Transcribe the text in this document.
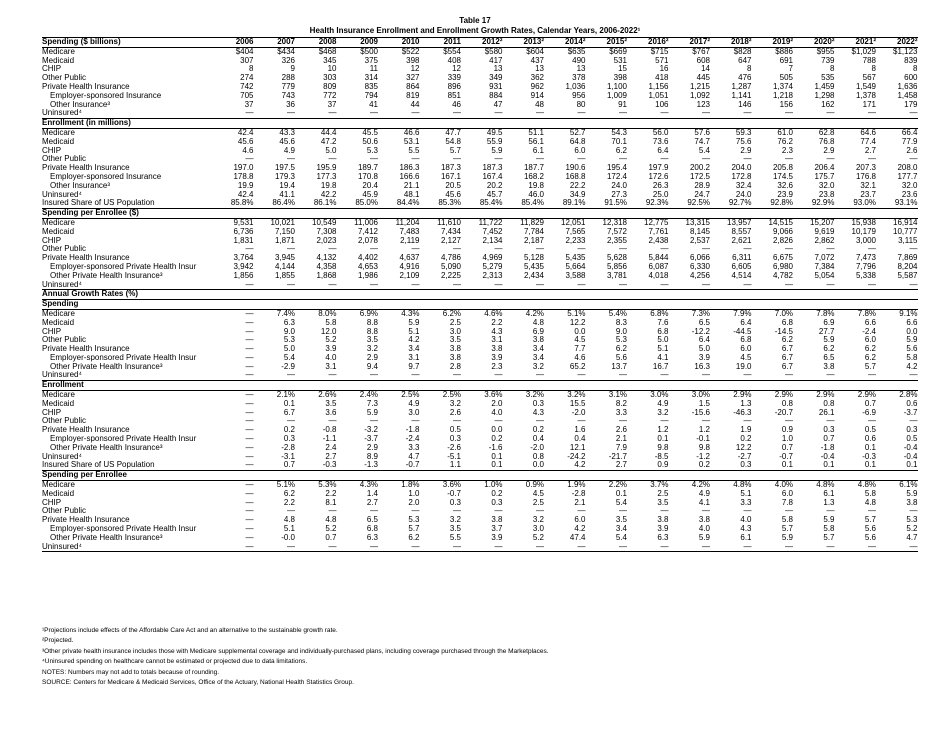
Table 17
Health Insurance Enrollment and Enrollment Growth Rates, Calendar Years, 2006-2022¹
Spending ($ billions)	2006	2007	2008	2009	2010	2011	2012²	2013²	2014²	2015²	2016²	2017²	2018²	2019²	2020²	2021²	2022²
Medicare	$404	$434	$468	$500	$522	$554	$580	$604	$635	$669	$715	$767	$828	$886	$955	$1,029	$1,123
Medicaid	307	326	345	375	398	408	417	437	490	531	571	608	647	691	739	788	839
CHIP	8	9	10	11	12	12	13	13	13	15	16	14	8	7	8	8	8
Other Public	274	288	303	314	327	339	349	362	378	398	418	445	476	505	535	567	600
Private Health Insurance	742	779	809	835	864	896	931	962	1,036	1,100	1,156	1,215	1,287	1,374	1,459	1,549	1,636
Employer-sponsored Insurance	705	743	772	794	819	851	884	914	956	1,009	1,051	1,092	1,141	1,218	1,298	1,378	1,458
Other Insurance³	37	36	37	41	44	46	47	48	80	91	106	123	146	156	162	171	179
Uninsured⁴	—	—	—	—	—	—	—	—	—	—	—	—	—	—	—	—	—
Enrollment (in millions)																	
Medicare	42.4	43.3	44.4	45.5	46.6	47.7	49.5	51.1	52.7	54.3	56.0	57.6	59.3	61.0	62.8	64.6	66.4
Medicaid	45.6	45.6	47.2	50.6	53.1	54.8	55.9	56.1	64.8	70.1	73.6	74.7	75.6	76.2	76.8	77.4	77.9
CHIP	4.6	4.9	5.0	5.3	5.5	5.7	5.9	6.1	6.0	6.2	6.4	5.4	2.9	2.3	2.9	2.7	2.6
Other Public	—	—	—	—	—	—	—	—	—	—	—	—	—	—	—	—	—
Private Health Insurance	197.0	197.5	195.9	189.7	186.3	187.3	187.3	187.7	190.6	195.4	197.9	200.2	204.0	205.8	206.4	207.3	208.0
Employer-sponsored Insurance	178.8	179.3	177.3	170.8	166.6	167.1	167.4	168.2	168.8	172.4	172.6	172.5	172.8	174.5	175.7	176.8	177.7
Other Insurance³	19.9	19.4	19.8	20.4	21.1	20.5	20.2	19.8	22.2	24.0	26.3	28.9	32.4	32.6	32.0	32.1	32.0
Uninsured⁴	42.4	41.1	42.2	45.9	48.1	45.6	45.7	46.0	34.9	27.3	25.0	24.7	24.0	23.9	23.8	23.7	23.6
Insured Share of US Population	85.8%	86.4%	86.1%	85.0%	84.4%	85.3%	85.4%	85.4%	89.1%	91.5%	92.3%	92.5%	92.7%	92.8%	92.9%	93.0%	93.1%
Spending per Enrollee ($)																	
Medicare	9,531	10,021	10,549	11,006	11,204	11,610	11,722	11,829	12,051	12,318	12,775	13,315	13,957	14,515	15,207	15,938	16,914
Medicaid	6,736	7,150	7,308	7,412	7,483	7,434	7,452	7,784	7,565	7,572	7,761	8,145	8,557	9,066	9,619	10,179	10,777
CHIP	1,831	1,871	2,023	2,078	2,119	2,127	2,134	2,187	2,233	2,355	2,438	2,537	2,621	2,826	2,862	3,000	3,115
Other Public	—	—	—	—	—	—	—	—	—	—	—	—	—	—	—	—	—
Private Health Insurance	3,764	3,945	4,132	4,402	4,637	4,786	4,969	5,128	5,435	5,628	5,844	6,066	6,311	6,675	7,072	7,473	7,869
Employer-sponsored Private Health Insur	3,942	4,144	4,358	4,653	4,916	5,090	5,279	5,435	5,664	5,856	6,087	6,330	6,605	6,980	7,384	7,796	8,204
Other Private Health Insurance³	1,856	1,855	1,868	1,986	2,109	2,225	2,313	2,434	3,588	3,781	4,018	4,256	4,514	4,782	5,054	5,338	5,587
Uninsured⁴	—	—	—	—	—	—	—	—	—	—	—	—	—	—	—	—	—
Annual Growth Rates (%)																	
Spending																	
Medicare	—	7.4%	8.0%	6.9%	4.3%	6.2%	4.6%	4.2%	5.1%	5.4%	6.8%	7.3%	7.9%	7.0%	7.8%	7.8%	9.1%
Medicaid	—	6.3	5.8	8.8	5.9	2.5	2.2	4.8	12.2	8.3	7.6	6.5	6.4	6.8	6.9	6.6	6.6
CHIP	—	9.0	12.0	8.8	5.1	3.0	4.3	6.9	0.0	9.0	6.8	-12.2	-44.5	-14.5	27.7	-2.4	0.0
Other Public	—	5.3	5.2	3.5	4.2	3.5	3.1	3.8	4.5	5.3	5.0	6.4	6.8	6.2	5.9	6.0	5.9
Private Health Insurance	—	5.0	3.9	3.2	3.4	3.8	3.8	3.4	7.7	6.2	5.1	5.0	6.0	6.7	6.2	6.2	5.6
Employer-sponsored Private Health Insur	—	5.4	4.0	2.9	3.1	3.8	3.9	3.4	4.6	5.6	4.1	3.9	4.5	6.7	6.5	6.2	5.8
Other Private Health Insurance³	—	-2.9	3.1	9.4	9.7	2.8	2.3	3.2	65.2	13.7	16.7	16.3	19.0	6.7	3.8	5.7	4.2
Uninsured⁴	—	—	—	—	—	—	—	—	—	—	—	—	—	—	—	—	—
Enrollment																	
Medicare	—	2.1%	2.6%	2.4%	2.5%	2.5%	3.6%	3.2%	3.2%	3.1%	3.0%	3.0%	2.9%	2.9%	2.9%	2.9%	2.8%
Medicaid	—	0.1	3.5	7.3	4.9	3.2	2.0	0.3	15.5	8.2	4.9	1.5	1.3	0.8	0.8	0.7	0.6
CHIP	—	6.7	3.6	5.9	3.0	2.6	4.0	4.3	-2.0	3.3	3.2	-15.6	-46.3	-20.7	26.1	-6.9	-3.7
Other Public	—	—	—	—	—	—	—	—	—	—	—	—	—	—	—	—	—
Private Health Insurance	—	0.2	-0.8	-3.2	-1.8	0.5	0.0	0.2	1.6	2.6	1.2	1.2	1.9	0.9	0.3	0.5	0.3
Employer-sponsored Private Health Insur	—	0.3	-1.1	-3.7	-2.4	0.3	0.2	0.4	0.4	2.1	0.1	-0.1	0.2	1.0	0.7	0.6	0.5
Other Private Health Insurance³	—	-2.8	2.4	2.9	3.3	-2.6	-1.6	-2.0	12.1	7.9	9.8	9.8	12.2	0.7	-1.8	0.1	-0.4
Uninsured⁴	—	-3.1	2.7	8.9	4.7	-5.1	0.1	0.8	-24.2	-21.7	-8.5	-1.2	-2.7	-0.7	-0.4	-0.3	-0.4
Insured Share of US Population	—	0.7	-0.3	-1.3	-0.7	1.1	0.1	0.0	4.2	2.7	0.9	0.2	0.3	0.1	0.1	0.1	0.1
Spending per Enrollee																	
Medicare	—	5.1%	5.3%	4.3%	1.8%	3.6%	1.0%	0.9%	1.9%	2.2%	3.7%	4.2%	4.8%	4.0%	4.8%	4.8%	6.1%
Medicaid	—	6.2	2.2	1.4	1.0	-0.7	0.2	4.5	-2.8	0.1	2.5	4.9	5.1	6.0	6.1	5.8	5.9
CHIP	—	2.2	8.1	2.7	2.0	0.3	0.3	2.5	2.1	5.4	3.5	4.1	3.3	7.8	1.3	4.8	3.8
Other Public	—	—	—	—	—	—	—	—	—	—	—	—	—	—	—	—	—
Private Health Insurance	—	4.8	4.8	6.5	5.3	3.2	3.8	3.2	6.0	3.5	3.8	3.8	4.0	5.8	5.9	5.7	5.3
Employer-sponsored Private Health Insur	—	5.1	5.2	6.8	5.7	3.5	3.7	3.0	4.2	3.4	3.9	4.0	4.3	5.7	5.8	5.6	5.2
Other Private Health Insurance³	—	-0.0	0.7	6.3	6.2	5.5	3.9	5.2	47.4	5.4	6.3	5.9	6.1	5.9	5.7	5.6	4.7
Uninsured⁴	—	—	—	—	—	—	—	—	—	—	—	—	—	—	—	—	—
¹Projections include effects of the Affordable Care Act and an alternative to the sustainable growth rate.
²Projected.
³Other private health insurance includes those with Medicare supplemental coverage and individually-purchased plans, including coverage purchased through the Marketplaces.
⁴Uninsured spending on healthcare cannot be estimated or projected due to data limitations.
NOTES: Numbers may not add to totals because of rounding.
SOURCE: Centers for Medicare & Medicaid Services, Office of the Actuary, National Health Statistics Group.
